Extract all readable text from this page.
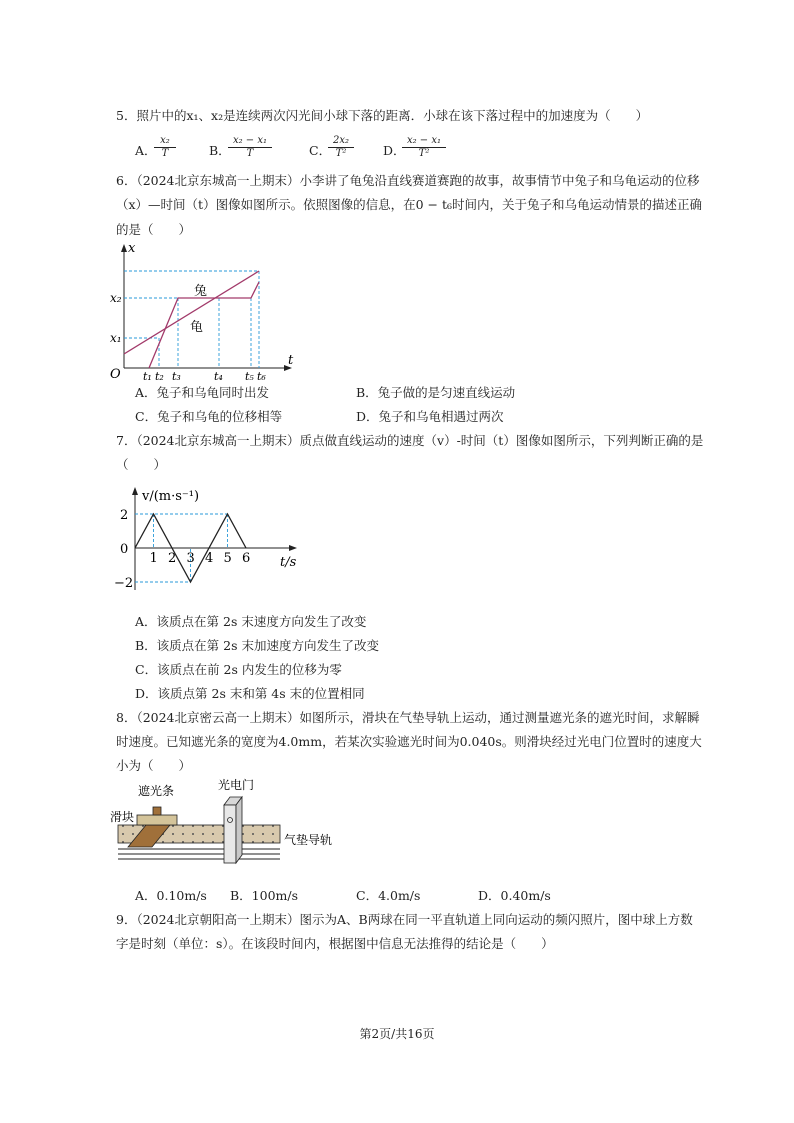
5．照片中的x₁、x₂是连续两次闪光间小球下落的距离．小球在该下落过程中的加速度为（　　）
A．
$\frac{\text{x₂}}{T}$	B．
$\frac{\text{x₂ − x₁}}{T}$	C．
$\frac{\text{2x₂}}{\text{T²}}$ D．
$\frac{\text{x₂ − x₁}}{\text{T²}}$
6．（2024北京东城高一上期末）小李讲了龟兔沿直线赛道赛跑的故事，故事情节中兔子和乌龟运动的位移
（x）—时间（t）图像如图所示。依照图像的信息，在0 − t₆时间内，关于兔子和乌龟运动情景的描述正确
的是（　　）
x
t
O
x₂
x₁
t₁ t₂ t₃	t₄ t₅ t₆
兔
龟
A．兔子和乌龟同时出发	B．兔子做的是匀速直线运动
C．兔子和乌龟的位移相等	D．兔子和乌龟相遇过两次
7．（2024北京东城高一上期末）质点做直线运动的速度（v）-时间（t）图像如图所示，下列判断正确的是
（　　）
1 2 3 4 5 6
2
0
−2
v/(m·s⁻¹)
t/s
A．该质点在第 2s 末速度方向发生了改变
B．该质点在第 2s 末加速度方向发生了改变
C．该质点在前 2s 内发生的位移为零
D．该质点第 2s 末和第 4s 末的位置相同
8．（2024北京密云高一上期末）如图所示，滑块在气垫导轨上运动，通过测量遮光条的遮光时间，求解瞬
时速度。已知遮光条的宽度为4.0mm，若某次实验遮光时间为0.040s。则滑块经过光电门位置时的速度大
小为（　　）
遮光条	光电门
滑块
气垫导轨
A．0.10m/s B．100m/s	C．4.0m/s	D．0.40m/s
9．（2024北京朝阳高一上期末）图示为A、B两球在同一平直轨道上同向运动的频闪照片，图中球上方数
字是时刻（单位：s）。在该段时间内，根据图中信息无法推得的结论是（　　）
第2页/共16页
